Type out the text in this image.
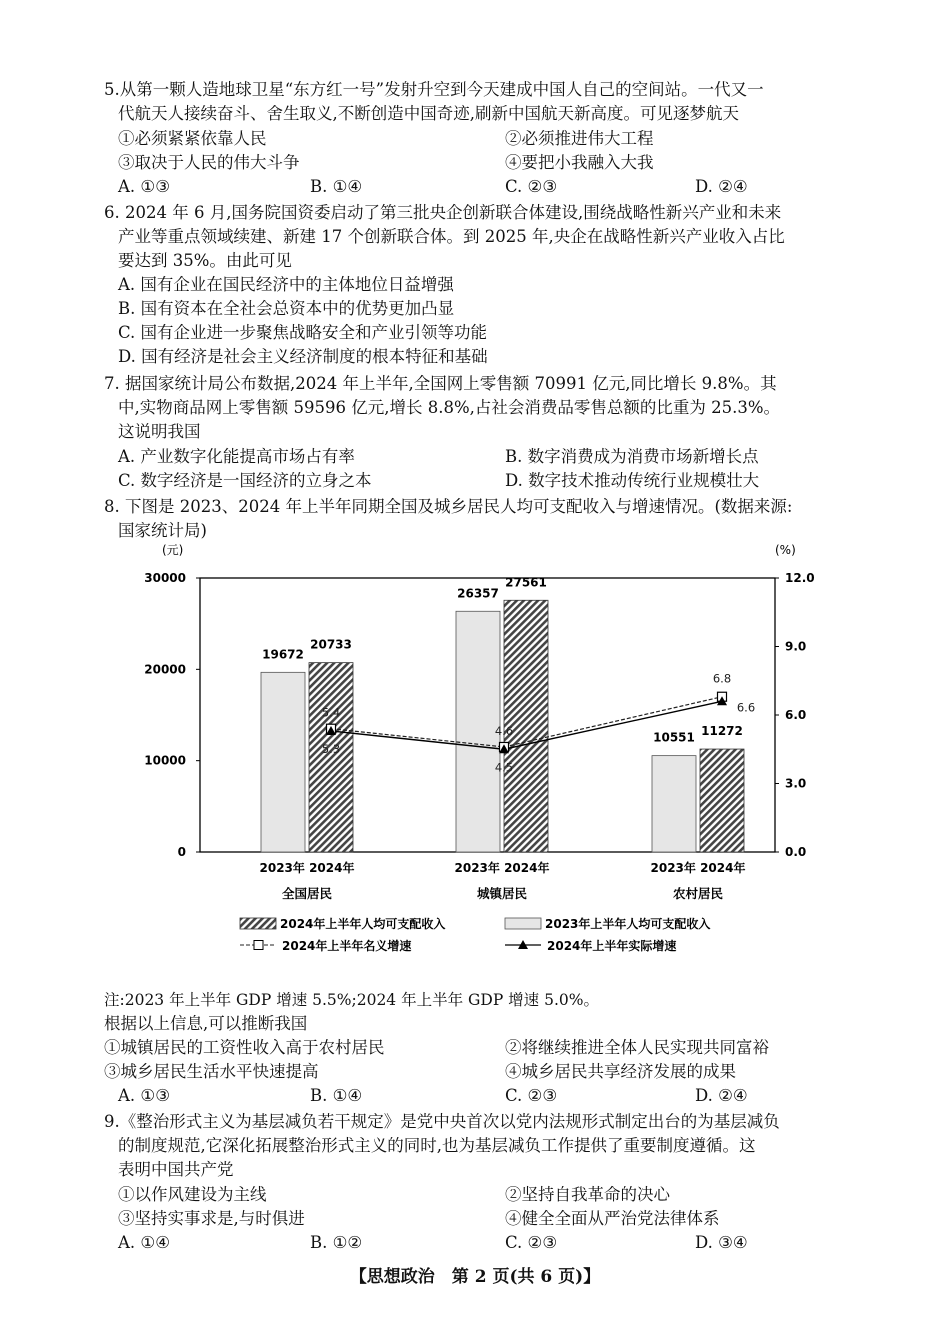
5.从第一颗人造地球卫星“东方红一号”发射升空到今天建成中国人自己的空间站。一代又一
代航天人接续奋斗、舍生取义,不断创造中国奇迹,刷新中国航天新高度。可见逐梦航天
①必须紧紧依靠人民	②必须推进伟大工程
③取决于人民的伟大斗争	④要把小我融入大我
A. ①③	B. ①④	C. ②③	D. ②④
6. 2024 年 6 月,国务院国资委启动了第三批央企创新联合体建设,围绕战略性新兴产业和未来
产业等重点领域续建、新建 17 个创新联合体。到 2025 年,央企在战略性新兴产业收入占比
要达到 35%。由此可见
A. 国有企业在国民经济中的主体地位日益增强
B. 国有资本在全社会总资本中的优势更加凸显
C. 国有企业进一步聚焦战略安全和产业引领等功能
D. 国有经济是社会主义经济制度的根本特征和基础
7. 据国家统计局公布数据,2024 年上半年,全国网上零售额 70991 亿元,同比增长 9.8%。其
中,实物商品网上零售额 59596 亿元,增长 8.8%,占社会消费品零售总额的比重为 25.3%。
这说明我国
A. 产业数字化能提高市场占有率	B. 数字消费成为消费市场新增长点
C. 数字经济是一国经济的立身之本	D. 数字技术推动传统行业规模壮大
8. 下图是 2023、2024 年上半年同期全国及城乡居民人均可支配收入与增速情况。(数据来源:
国家统计局)
(元)	(%)
0
10000
20000
30000
0.0
3.0
6.0
9.0
12.0
19672
20733
2023年 2024年
全国居民
26357
27561
2023年 2024年
城镇居民
10551 11272
2023年 2024年
农村居民
5.4
4.6
6.8
5.3
4.5
6.6
2024年上半年人均可支配收入	2023年上半年人均可支配收入
2024年上半年名义增速	2024年上半年实际增速
注:2023 年上半年 GDP 增速 5.5%;2024 年上半年 GDP 增速 5.0%。
根据以上信息,可以推断我国
①城镇居民的工资性收入高于农村居民	②将继续推进全体人民实现共同富裕
③城乡居民生活水平快速提高	④城乡居民共享经济发展的成果
A. ①③	B. ①④	C. ②③	D. ②④
9.《整治形式主义为基层减负若干规定》是党中央首次以党内法规形式制定出台的为基层减负
的制度规范,它深化拓展整治形式主义的同时,也为基层减负工作提供了重要制度遵循。这
表明中国共产党
①以作风建设为主线	②坚持自我革命的决心
③坚持实事求是,与时俱进	④健全全面从严治党法律体系
A. ①④	B. ①②	C. ②③	D. ③④
【思想政治　第 2 页(共 6 页)】
